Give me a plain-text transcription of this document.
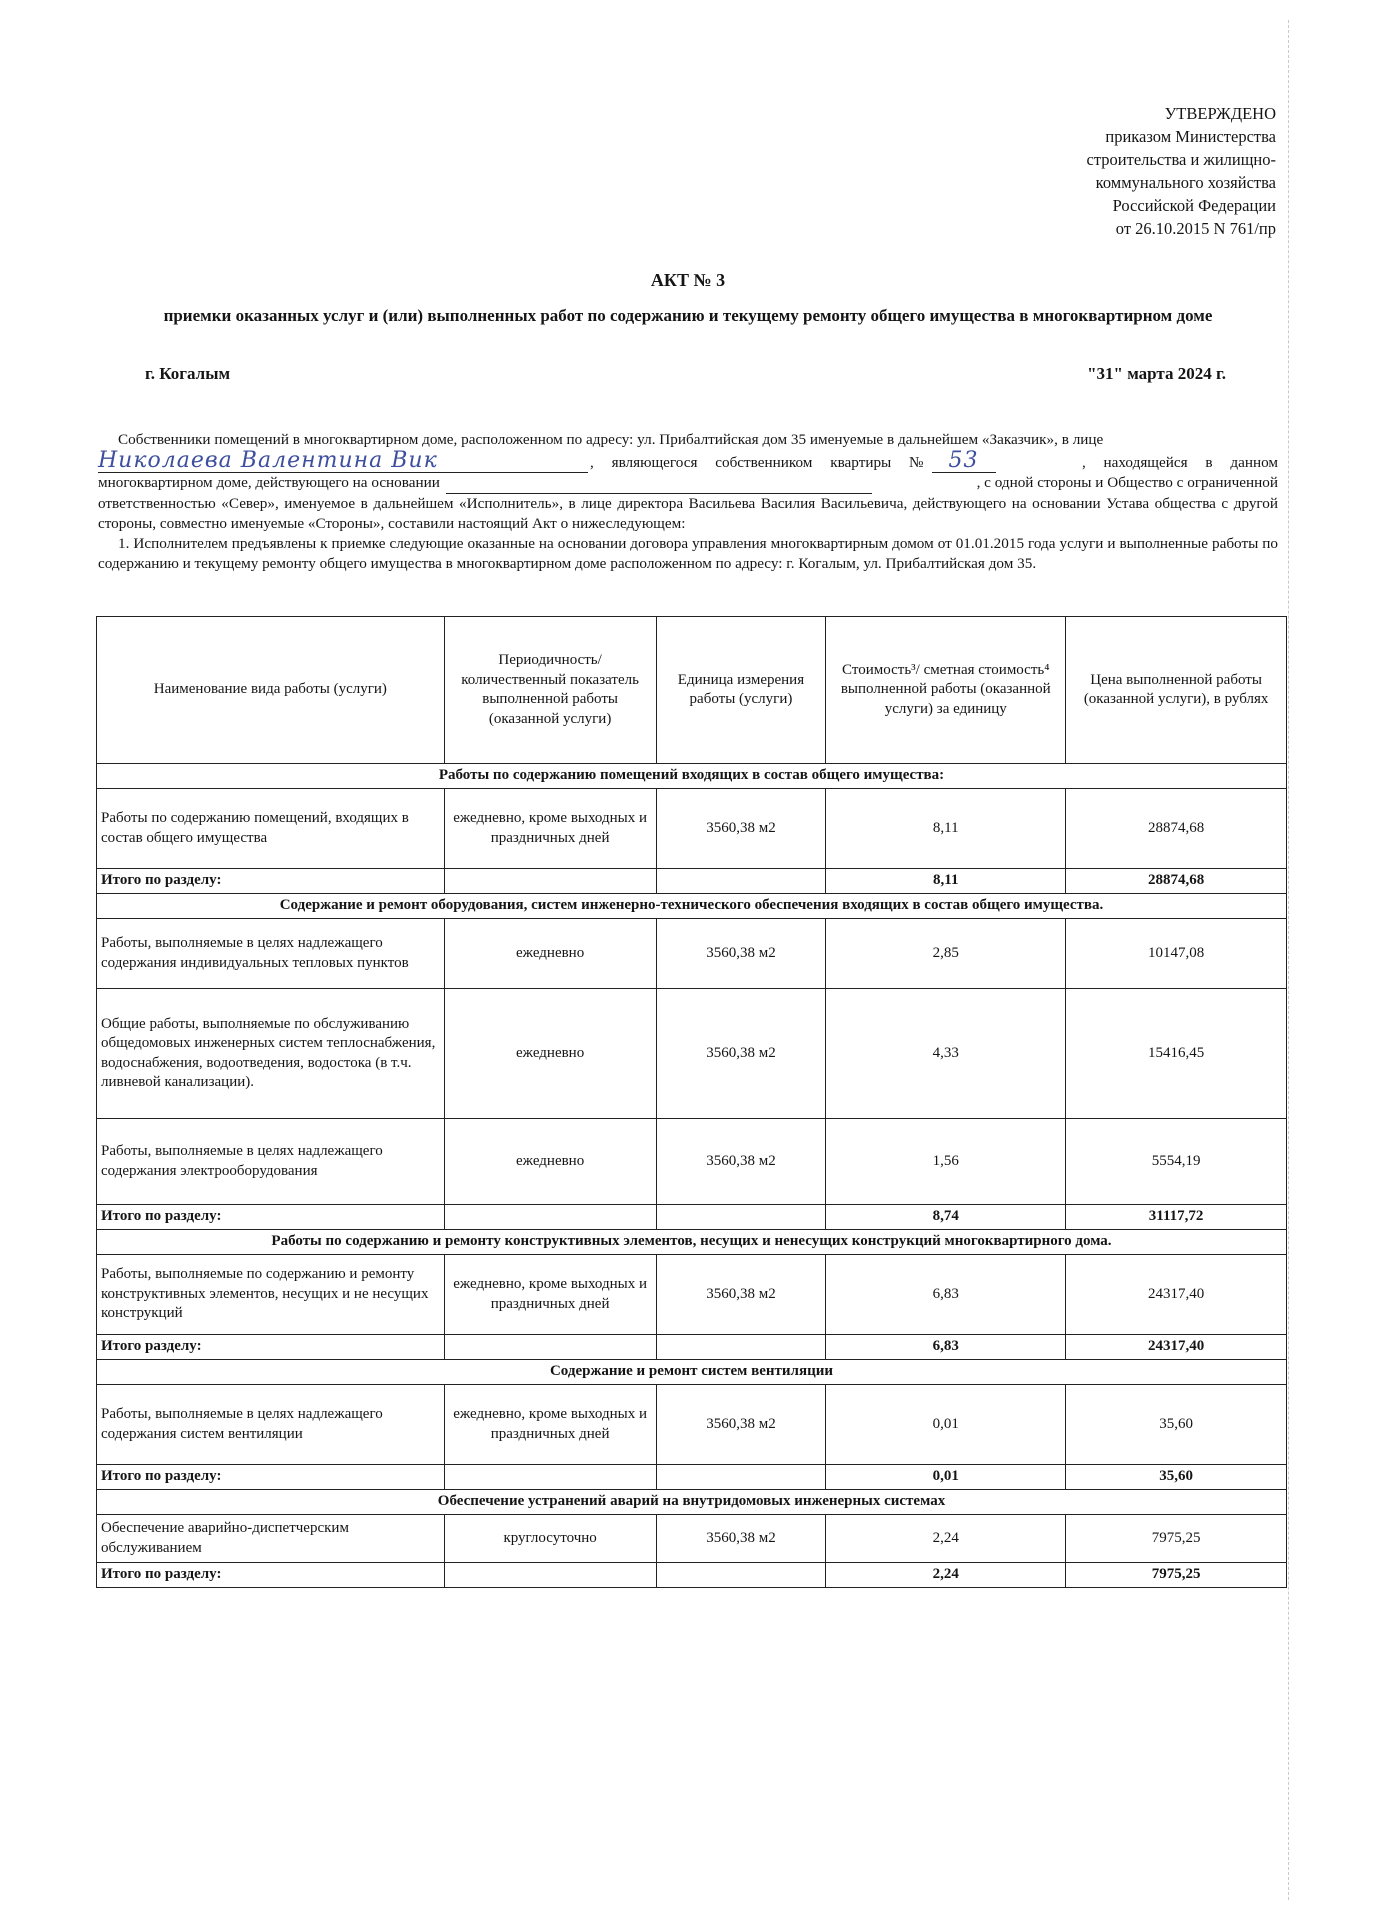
УТВЕРЖДЕНО
приказом Министерства
строительства и жилищно-
коммунального хозяйства
Российской Федерации
от 26.10.2015 N 761/пр
АКТ № 3
приемки оказанных услуг и (или) выполненных работ по содержанию и текущему ремонту общего имущества в многоквартирном доме
г. Когалым	"31" марта 2024 г.

Собственники помещений в многоквартирном доме, расположенном по адресу: ул. Прибалтийская дом 35 именуемые в дальнейшем «Заказчик», в лице

Николаева Валентина Вик	, являющегося собственником квартиры №	53	, находящейся в данном
многоквартирном доме, действующего на основании	, с одной стороны и Обществo с ограниченной

ответственностью «Север», именуемое в дальнейшем «Исполнитель», в лице директора Васильева Василия Васильевича, действующего на основании Устава общества с другой стороны, совместно именуемые «Стороны», составили настоящий Акт о нижеследующем:

1. Исполнителем предъявлены к приемке следующие оказанные на основании договора управления многоквартирным домом от 01.01.2015 года услуги и выполненные работы по содержанию и текущему ремонту общего имущества в многоквартирном доме расположенном по адресу: г. Когалым, ул. Прибалтийская дом 35.

Наименование вида работы (услуги)	Периодичность/ количественный показатель выполненной работы (оказанной услуги)	Единица измерения работы (услуги)	Стоимость³/ сметная стоимость⁴ выполненной работы (оказанной услуги) за единицу	Цена выполненной работы (оказанной услуги), в рублях
Работы по содержанию помещений входящих в состав общего имущества:				
Работы по содержанию помещений, входящих в состав общего имущества	ежедневно, кроме выходных и праздничных дней	3560,38 м2	8,11	28874,68
Итого по разделу:			8,11	28874,68
Содержание и ремонт оборудования, систем инженерно-технического обеспечения входящих в состав общего имущества.				
Работы, выполняемые в целях надлежащего содержания индивидуальных тепловых пунктов	ежедневно	3560,38 м2	2,85	10147,08
Общие работы, выполняемые по обслуживанию общедомовых инженерных систем теплоснабжения, водоснабжения, водоотведения, водостока (в т.ч. ливневой канализации).	ежедневно	3560,38 м2	4,33	15416,45
Работы, выполняемые в целях надлежащего содержания электрооборудования	ежедневно	3560,38 м2	1,56	5554,19
Итого по разделу:			8,74	31117,72
Работы по содержанию и ремонту конструктивных элементов, несущих и ненесущих конструкций многоквартирного дома.				
Работы, выполняемые по содержанию и ремонту конструктивных элементов, несущих и не несущих конструкций	ежедневно, кроме выходных и праздничных дней	3560,38 м2	6,83	24317,40
Итого разделу:			6,83	24317,40
Содержание и ремонт систем вентиляции				
Работы, выполняемые в целях надлежащего содержания систем вентиляции	ежедневно, кроме выходных и праздничных дней	3560,38 м2	0,01	35,60
Итого по разделу:			0,01	35,60
Обеспечение устранений аварий на внутридомовых инженерных системах				
Обеспечение аварийно-диспетчерским обслуживанием	круглосуточно	3560,38 м2	2,24	7975,25
Итого по разделу:			2,24	7975,25
